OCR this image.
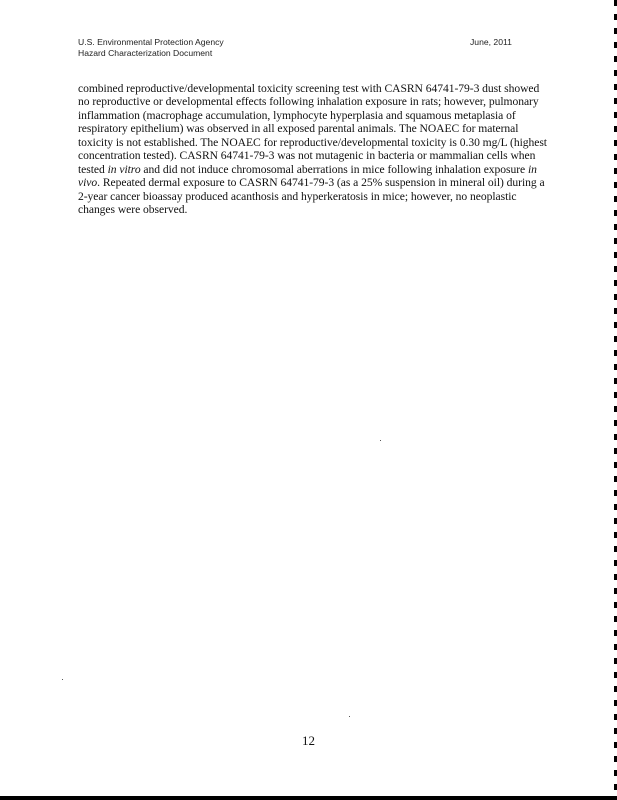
U.S. Environmental Protection Agency
Hazard Characterization Document
June, 2011

combined reproductive/developmental toxicity screening test with CASRN 64741-79-3 dust showed no reproductive or developmental effects following inhalation exposure in rats; however, pulmonary inflammation (macrophage accumulation, lymphocyte hyperplasia and squamous metaplasia of respiratory epithelium) was observed in all exposed parental animals. The NOAEC for maternal toxicity is not established. The NOAEC for reproductive/developmental toxicity is 0.30 mg/L (highest concentration tested). CASRN 64741-79-3 was not mutagenic in bacteria or mammalian cells when tested in vitro and did not induce chromosomal aberrations in mice following inhalation exposure in vivo. Repeated dermal exposure to CASRN 64741-79-3 (as a 25% suspension in mineral oil) during a 2-year cancer bioassay produced acanthosis and hyperkeratosis in mice; however, no neoplastic changes were observed.

12
